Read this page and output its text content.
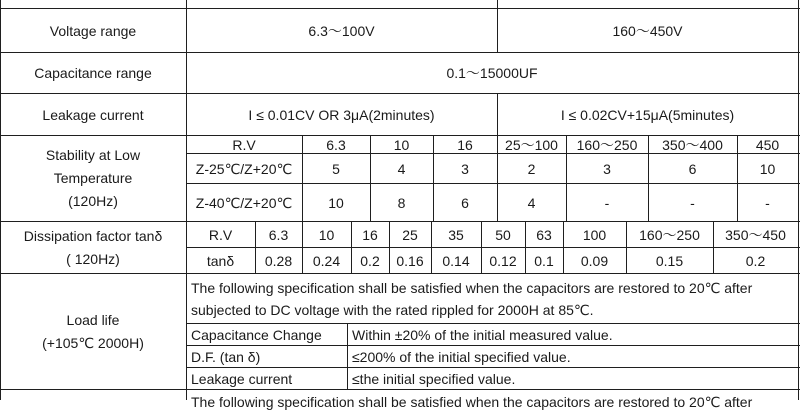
Voltage range	6.3～100V	160～450V
Capacitance range	0.1～15000UF
Leakage current	I ≤ 0.01CV OR 3μA(2minutes)	I ≤ 0.02CV+15μA(5minutes)
Stability at Low
Temperature
(120Hz)
R.V	6.3	10	16	25～100	160～250	350～400	450
Z-25℃/Z+20℃	5	4	3	2	3	6	10
Z-40℃/Z+20℃	10	8	6	4	-	-	-
Dissipation factor tanδ
( 120Hz)
R.V	6.3	10	16	25	35	50	63	100	160～250	350～450
tanδ	0.28	0.24	0.2	0.16	0.14	0.12	0.1	0.09	0.15	0.2
Load life
(+105℃ 2000H)
The following specification shall be satisfied when the capacitors are restored to 20℃ after
subjected to DC voltage with the rated rippled for 2000H at 85℃.
Capacitance Change	Within ±20% of the initial measured value.
D.F. (tan δ)	≤200% of the initial specified value.
Leakage current	≤the initial specified value.
The following specification shall be satisfied when the capacitors are restored to 20℃ after
